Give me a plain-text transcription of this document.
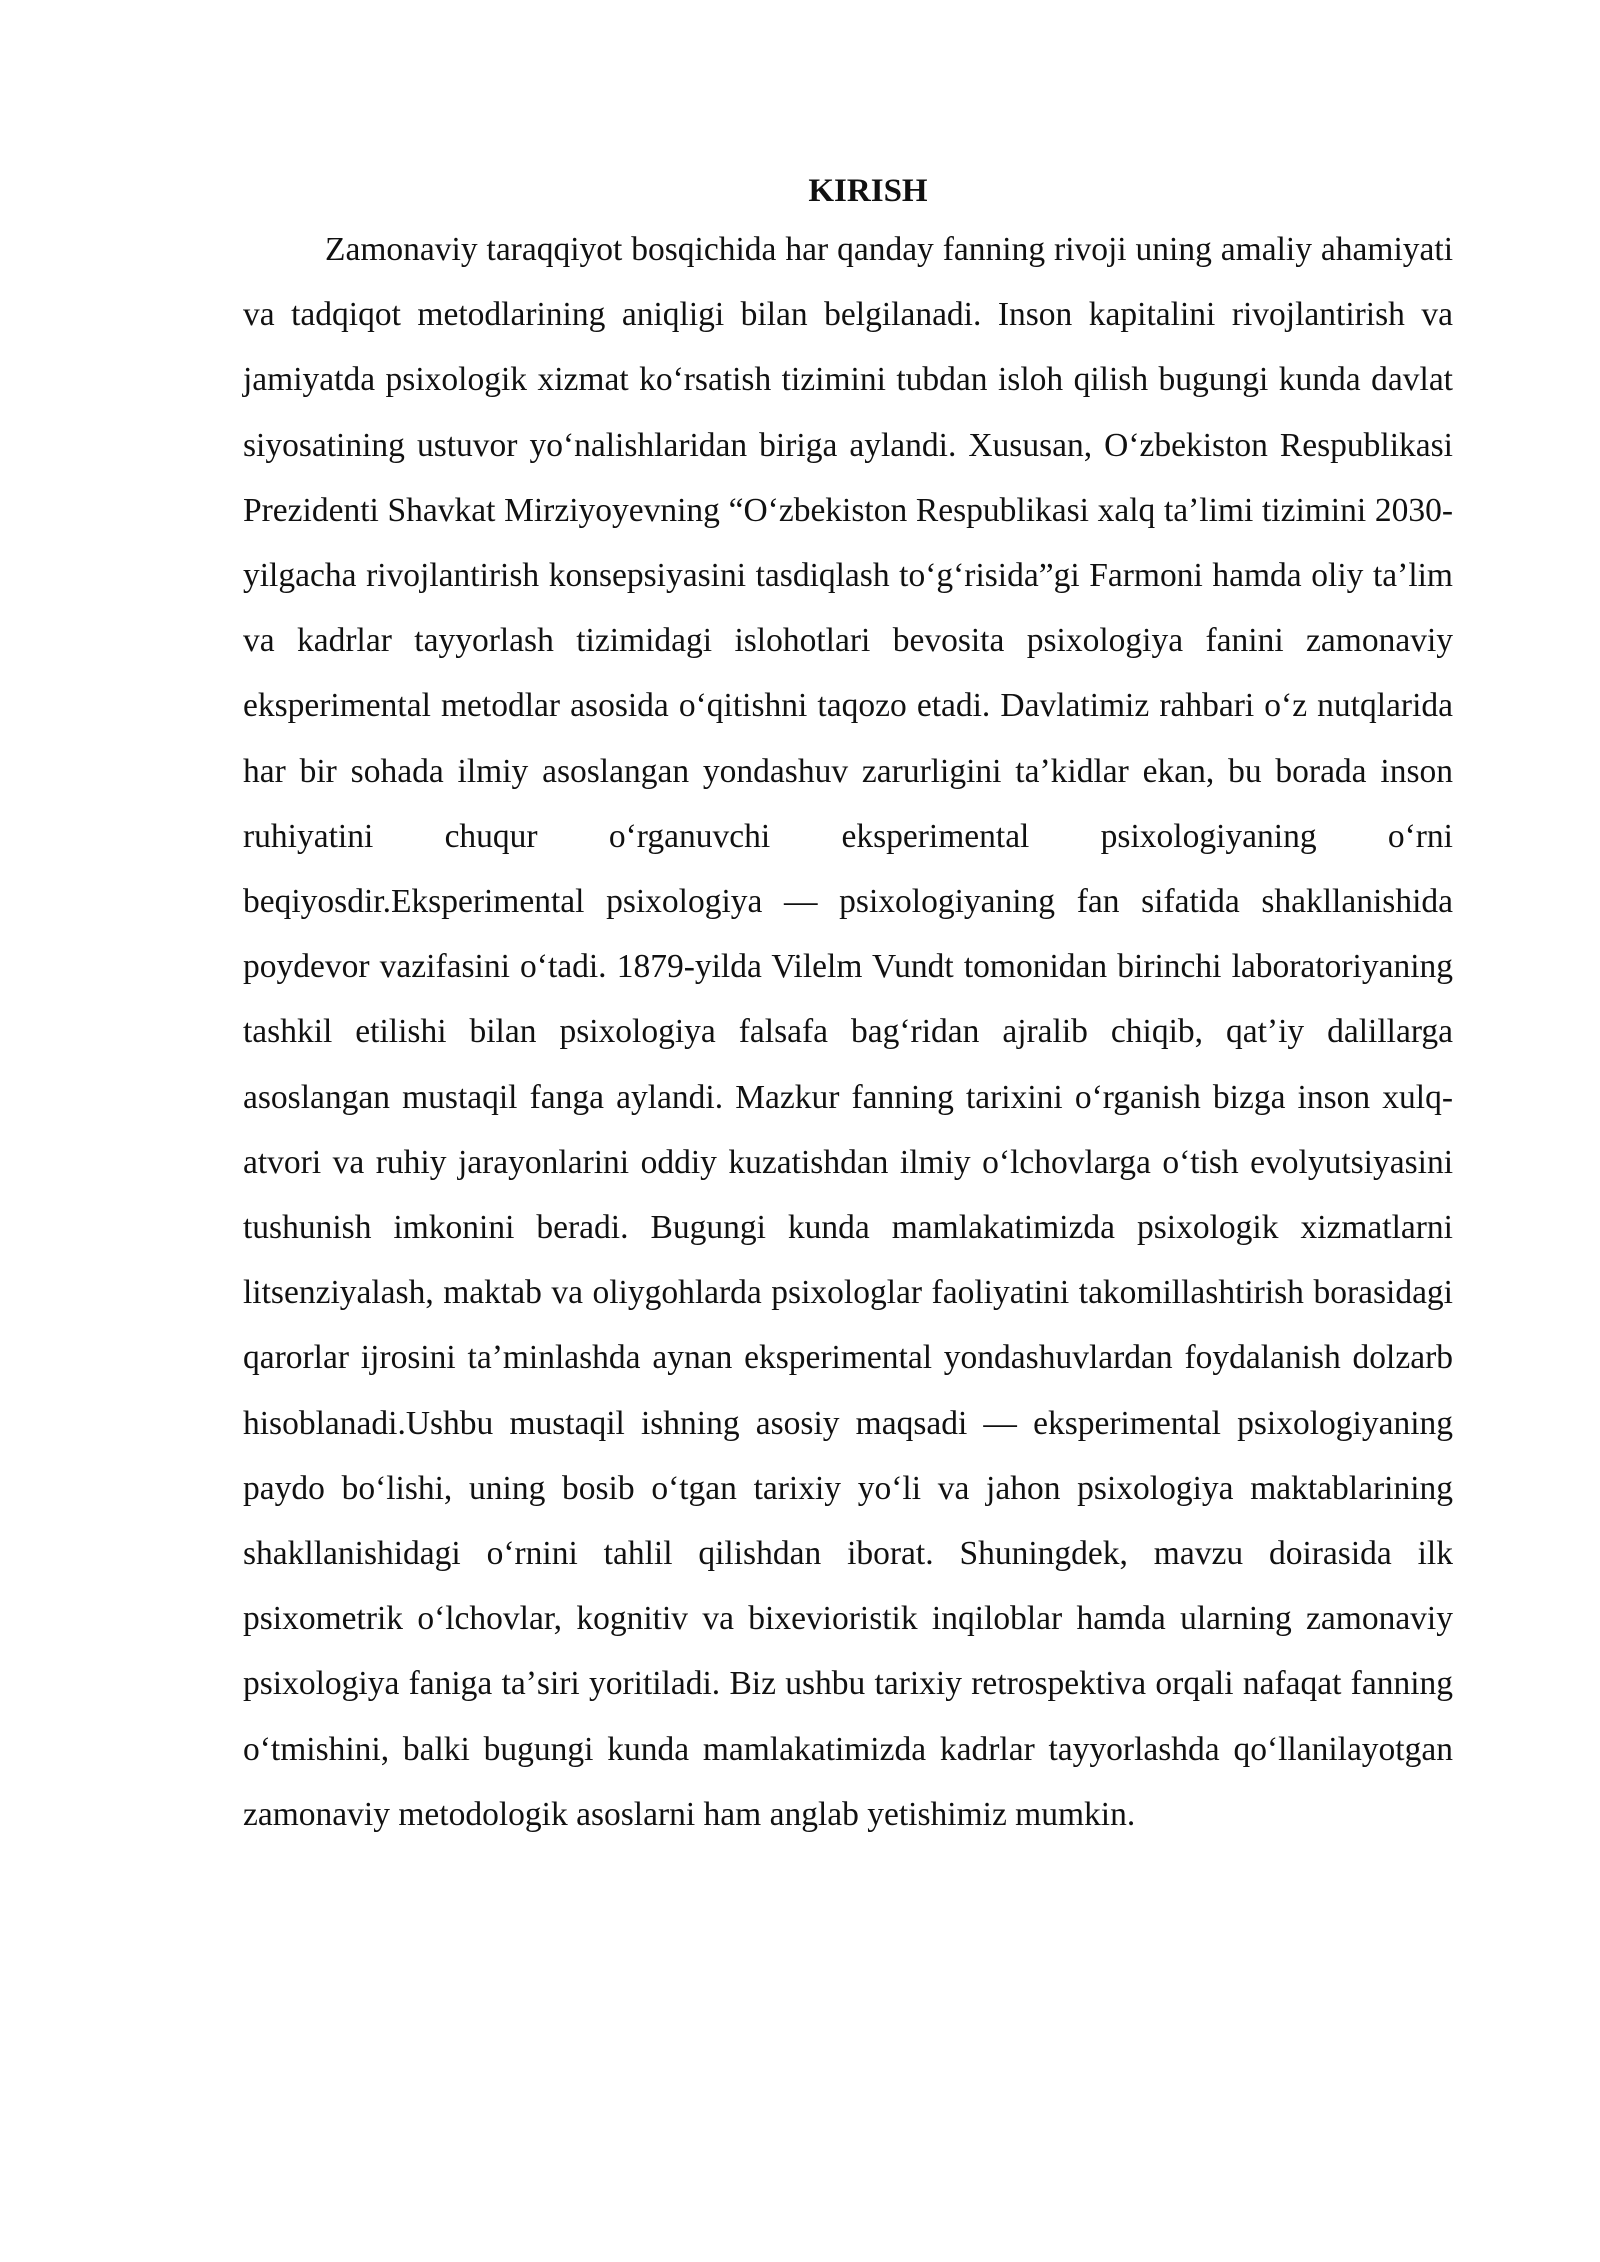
KIRISH

Zamonaviy taraqqiyot bosqichida har qanday fanning rivoji uning amaliy ahamiyati va tadqiqot metodlarining aniqligi bilan belgilanadi. Inson kapitalini rivojlantirish va jamiyatda psixologik xizmat koʻrsatish tizimini tubdan isloh qilish bugungi kunda davlat siyosatining ustuvor yoʻnalishlaridan biriga aylandi. Xususan, Oʻzbekiston Respublikasi Prezidenti Shavkat Mirziyoyevning “Oʻzbekiston Respublikasi xalq taʼlimi tizimini 2030-yilgacha rivojlantirish konsepsiyasini tasdiqlash toʻgʻrisida”gi Farmoni hamda oliy taʼlim va kadrlar tayyorlash tizimidagi islohotlari bevosita psixologiya fanini zamonaviy eksperimental metodlar asosida oʻqitishni taqozo etadi. Davlatimiz rahbari oʻz nutqlarida har bir sohada ilmiy asoslangan yondashuv zarurligini taʼkidlar ekan, bu borada inson ruhiyatini chuqur oʻrganuvchi eksperimental psixologiyaning oʻrni beqiyosdir.Eksperimental psixologiya — psixologiyaning fan sifatida shakllanishida poydevor vazifasini oʻtadi. 1879-yilda Vilelm Vundt tomonidan birinchi laboratoriyaning tashkil etilishi bilan psixologiya falsafa bagʻridan ajralib chiqib, qatʼiy dalillarga asoslangan mustaqil fanga aylandi. Mazkur fanning tarixini oʻrganish bizga inson xulq-atvori va ruhiy jarayonlarini oddiy kuzatishdan ilmiy oʻlchovlarga oʻtish evolyutsiyasini tushunish imkonini beradi. Bugungi kunda mamlakatimizda psixologik xizmatlarni litsenziyalash, maktab va oliygohlarda psixologlar faoliyatini takomillashtirish borasidagi qarorlar ijrosini taʼminlashda aynan eksperimental yondashuvlardan foydalanish dolzarb hisoblanadi.Ushbu mustaqil ishning asosiy maqsadi — eksperimental psixologiyaning paydo boʻlishi, uning bosib oʻtgan tarixiy yoʻli va jahon psixologiya maktablarining shakllanishidagi oʻrnini tahlil qilishdan iborat. Shuningdek, mavzu doirasida ilk psixometrik oʻlchovlar, kognitiv va bixevioristik inqiloblar hamda ularning zamonaviy psixologiya faniga taʼsiri yoritiladi. Biz ushbu tarixiy retrospektiva orqali nafaqat fanning oʻtmishini, balki bugungi kunda mamlakatimizda kadrlar tayyorlashda qoʻllanilayotgan zamonaviy metodologik asoslarni ham anglab yetishimiz mumkin.
